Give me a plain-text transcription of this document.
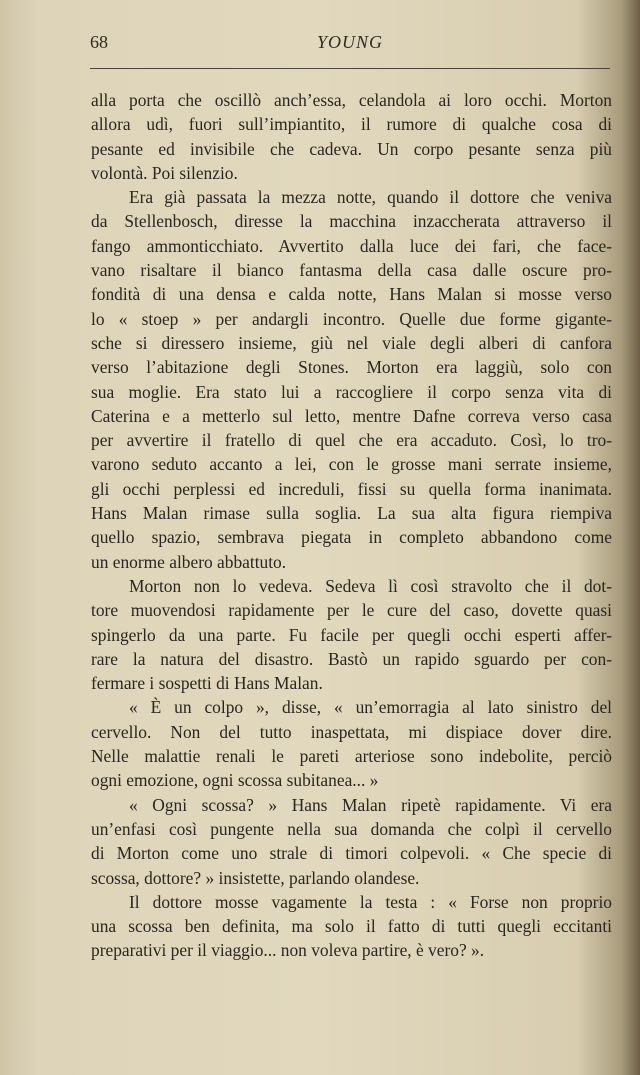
68	YOUNG
alla porta che oscillò anch’essa, celandola ai loro occhi. Morton
allora udì, fuori sull’impiantito, il rumore di qualche cosa di
pesante ed invisibile che cadeva. Un corpo pesante senza più
volontà. Poi silenzio.
Era già passata la mezza notte, quando il dottore che veniva
da Stellenbosch, diresse la macchina inzaccherata attraverso il
fango ammonticchiato. Avvertito dalla luce dei fari, che face-
vano risaltare il bianco fantasma della casa dalle oscure pro-
fondità di una densa e calda notte, Hans Malan si mosse verso
lo « stoep » per andargli incontro. Quelle due forme gigante-
sche si diressero insieme, giù nel viale degli alberi di canfora
verso l’abitazione degli Stones. Morton era laggiù, solo con
sua moglie. Era stato lui a raccogliere il corpo senza vita di
Caterina e a metterlo sul letto, mentre Dafne correva verso casa
per avvertire il fratello di quel che era accaduto. Così, lo tro-
varono seduto accanto a lei, con le grosse mani serrate insieme,
gli occhi perplessi ed increduli, fissi su quella forma inanimata.
Hans Malan rimase sulla soglia. La sua alta figura riempiva
quello spazio, sembrava piegata in completo abbandono come
un enorme albero abbattuto.
Morton non lo vedeva. Sedeva lì così stravolto che il dot-
tore muovendosi rapidamente per le cure del caso, dovette quasi
spingerlo da una parte. Fu facile per quegli occhi esperti affer-
rare la natura del disastro. Bastò un rapido sguardo per con-
fermare i sospetti di Hans Malan.
« È un colpo », disse, « un’emorragia al lato sinistro del
cervello. Non del tutto inaspettata, mi dispiace dover dire.
Nelle malattie renali le pareti arteriose sono indebolite, perciò
ogni emozione, ogni scossa subitanea... »
« Ogni scossa? » Hans Malan ripetè rapidamente. Vi era
un’enfasi così pungente nella sua domanda che colpì il cervello
di Morton come uno strale di timori colpevoli. « Che specie di
scossa, dottore? » insistette, parlando olandese.
Il dottore mosse vagamente la testa : « Forse non proprio
una scossa ben definita, ma solo il fatto di tutti quegli eccitanti
preparativi per il viaggio... non voleva partire, è vero? ».
